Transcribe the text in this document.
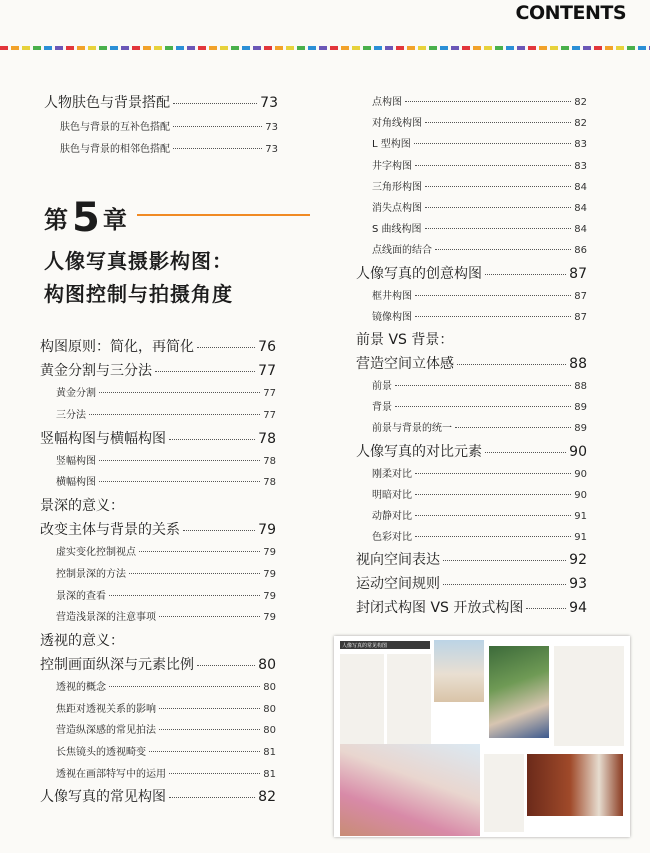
CONTENTS
人物肤色与背景搭配	73
肤色与背景的互补色搭配	73
肤色与背景的相邻色搭配	73
第 5 章
人像写真摄影构图：
构图控制与拍摄角度
构图原则：简化，再简化	76
黄金分割与三分法	77
黄金分割	77
三分法	77
竖幅构图与横幅构图	78
竖幅构图	78
横幅构图	78
景深的意义：
改变主体与背景的关系	79
虚实变化控制视点	79
控制景深的方法	79
景深的查看	79
营造浅景深的注意事项	79
透视的意义：
控制画面纵深与元素比例	80
透视的概念	80
焦距对透视关系的影响	80
营造纵深感的常见拍法	80
长焦镜头的透视畸变	81
透视在画部特写中的运用	81
人像写真的常见构图	82
点构图	82
对角线构图	82
L 型构图	83
井字构图	83
三角形构图	84
消失点构图	84
S 曲线构图	84
点线面的结合	86
人像写真的创意构图	87
框井构图	87
镜像构图	87
前景 VS 背景：
营造空间立体感	88
前景	88
背景	89
前景与背景的统一	89
人像写真的对比元素	90
刚柔对比	90
明暗对比	90
动静对比	91
色彩对比	91
视向空间表达	92
运动空间规则	93
封闭式构图 VS 开放式构图	94
人像写真的常见构图
